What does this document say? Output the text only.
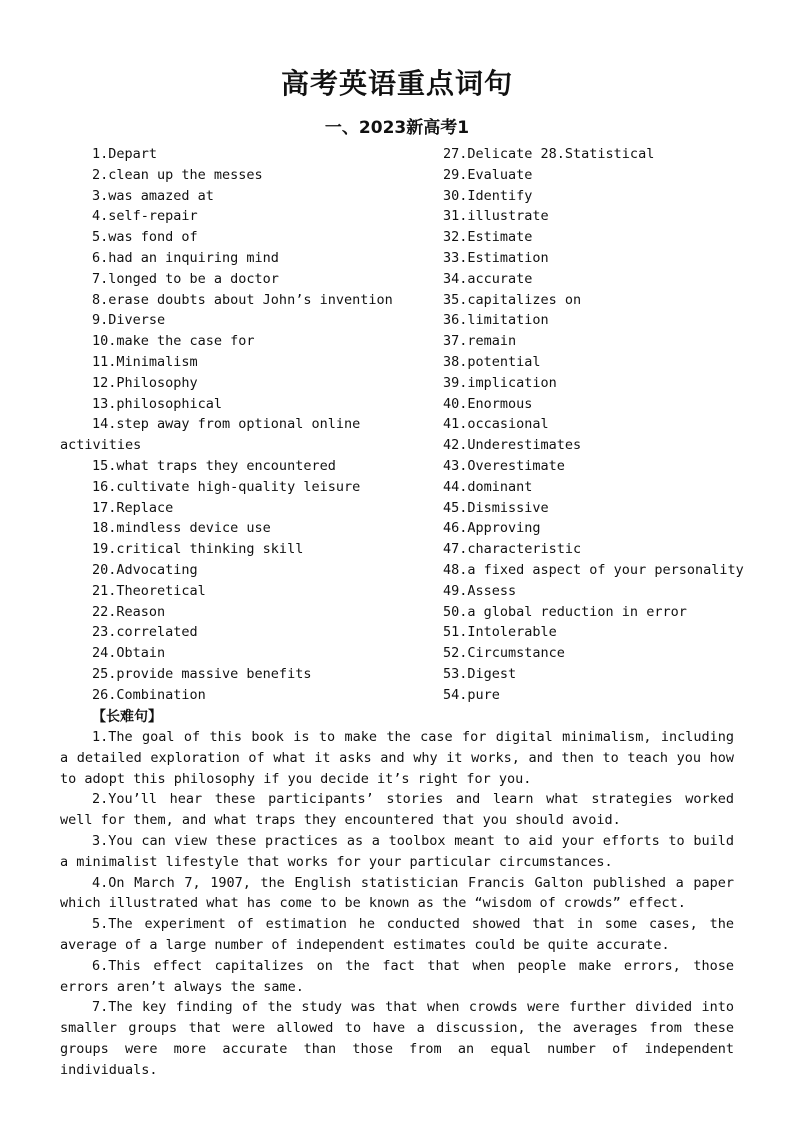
高考英语重点词句
一、2023新高考1
1.Depart
2.clean up the messes
3.was amazed at
4.self-repair
5.was fond of
6.had an inquiring mind
7.longed to be a doctor
8.erase doubts about John’s invention
9.Diverse
10.make the case for
11.Minimalism
12.Philosophy
13.philosophical
14.step away from optional online activities
15.what traps they encountered
16.cultivate high-quality leisure
17.Replace
18.mindless device use
19.critical thinking skill
20.Advocating
21.Theoretical
22.Reason
23.correlated
24.Obtain
25.provide massive benefits
26.Combination
27.Delicate 28.Statistical
29.Evaluate
30.Identify
31.illustrate
32.Estimate
33.Estimation
34.accurate
35.capitalizes on
36.limitation
37.remain
38.potential
39.implication
40.Enormous
41.occasional
42.Underestimates
43.Overestimate
44.dominant
45.Dismissive
46.Approving
47.characteristic
48.a fixed aspect of your personality
49.Assess
50.a global reduction in error
51.Intolerable
52.Circumstance
53.Digest
54.pure
【长难句】
1.The goal of this book is to make the case for digital minimalism, including a detailed exploration of what it asks and why it works, and then to teach you how to adopt this philosophy if you decide it’s right for you.
2.You’ll hear these participants’ stories and learn what strategies worked well for them, and what traps they encountered that you should avoid.
3.You can view these practices as a toolbox meant to aid your efforts to build a minimalist lifestyle that works for your particular circumstances.
4.On March 7, 1907, the English statistician Francis Galton published a paper which illustrated what has come to be known as the “wisdom of crowds” effect.
5.The experiment of estimation he conducted showed that in some cases, the average of a large number of independent estimates could be quite accurate.
6.This effect capitalizes on the fact that when people make errors, those errors aren’t always the same.
7.The key finding of the study was that when crowds were further divided into smaller groups that were allowed to have a discussion, the averages from these groups were more accurate than those from an equal number of independent individuals.
